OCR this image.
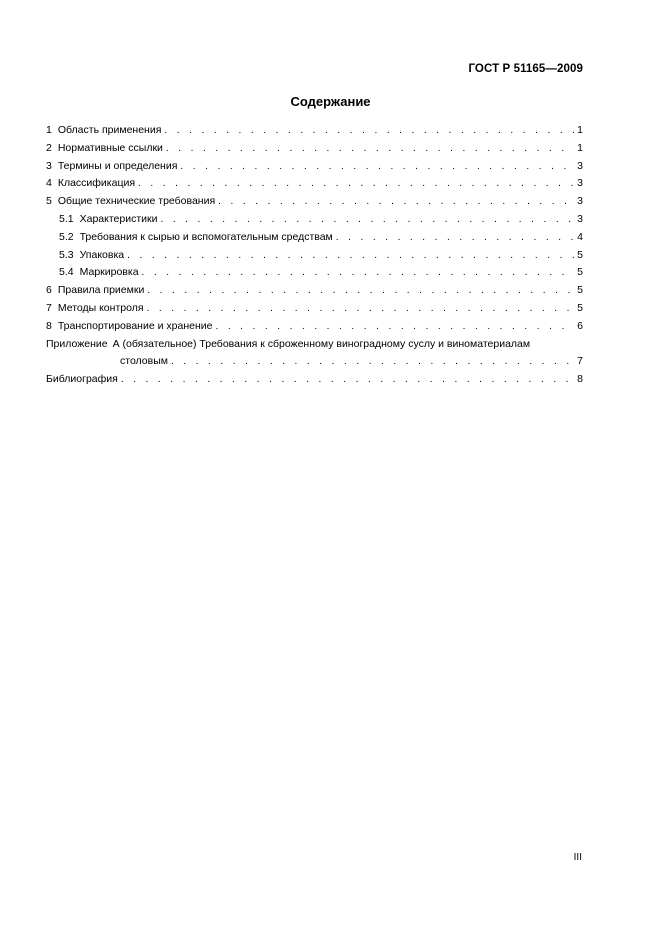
ГОСТ Р 51165—2009
Содержание
1 Область применения . . .	1
2 Нормативные ссылки . . .	1
3 Термины и определения . . .	3
4 Классификация . . .	3
5 Общие технические требования . . .	3
5.1 Характеристики . . .	3
5.2 Требования к сырью и вспомогательным средствам . . .	4
5.3 Упаковка . . .	5
5.4 Маркировка . . .	5
6 Правила приемки . . .	5
7 Методы контроля . . .	5
8 Транспортирование и хранение . . .	6
Приложение А (обязательное) Требования к сброженному виноградному суслу и виноматериалам
столовым . . .	7
Библиография . . .	8
III
